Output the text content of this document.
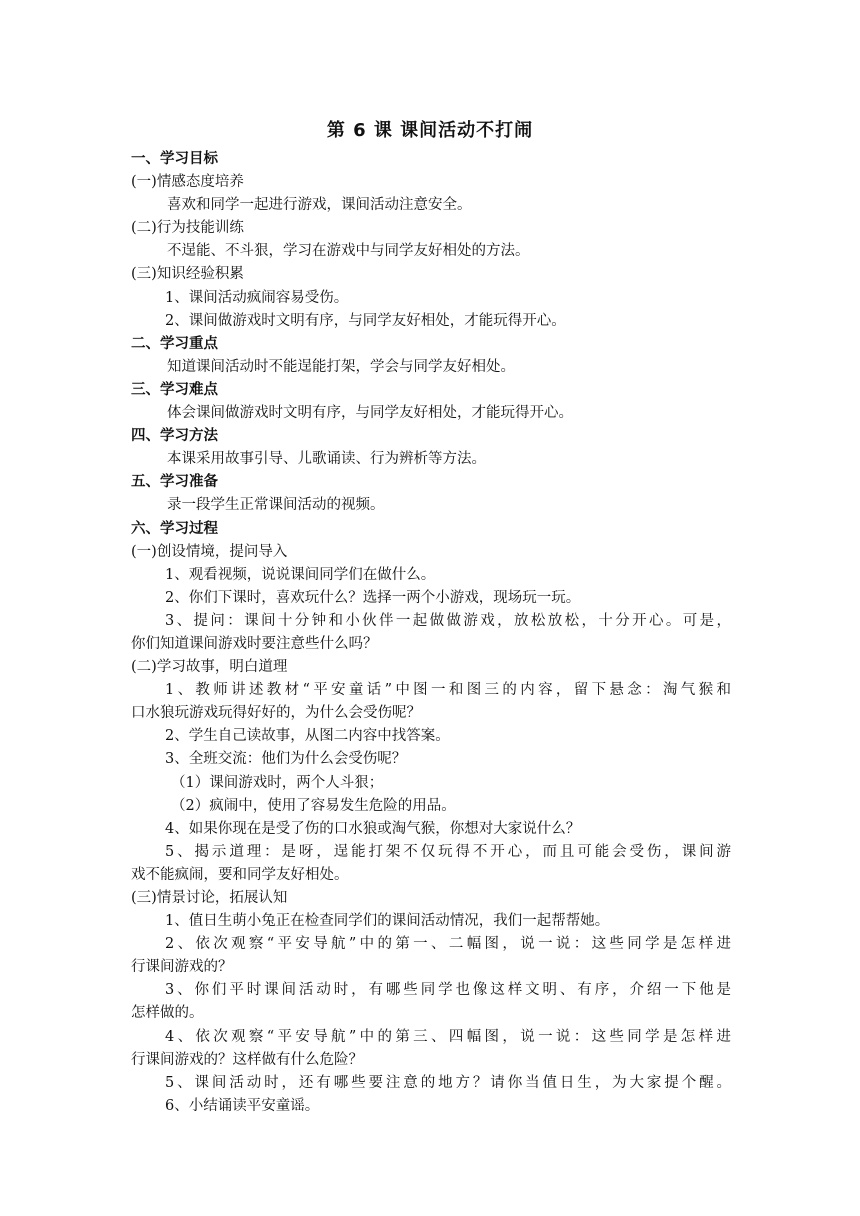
第 6 课 课间活动不打闹
一、学习目标
(一)情感态度培养
喜欢和同学一起进行游戏，课间活动注意安全。
(二)行为技能训练
不逞能、不斗狠，学习在游戏中与同学友好相处的方法。
(三)知识经验积累
1、课间活动疯闹容易受伤。
2、课间做游戏时文明有序，与同学友好相处，才能玩得开心。
二、学习重点
知道课间活动时不能逞能打架，学会与同学友好相处。
三、学习难点
体会课间做游戏时文明有序，与同学友好相处，才能玩得开心。
四、学习方法
本课采用故事引导、儿歌诵读、行为辨析等方法。
五、学习准备
录一段学生正常课间活动的视频。
六、学习过程
(一)创设情境，提问导入
1、观看视频，说说课间同学们在做什么。
2、你们下课时，喜欢玩什么？选择一两个小游戏，现场玩一玩。
3、提问：课间十分钟和小伙伴一起做做游戏，放松放松，十分开心。可是，
你们知道课间游戏时要注意些什么吗？
(二)学习故事，明白道理
1、教师讲述教材“平安童话”中图一和图三的内容，留下悬念：淘气猴和
口水狼玩游戏玩得好好的，为什么会受伤呢？
2、学生自己读故事，从图二内容中找答案。
3、全班交流：他们为什么会受伤呢？
（1）课间游戏时，两个人斗狠；
（2）疯闹中，使用了容易发生危险的用品。
4、如果你现在是受了伤的口水狼或淘气猴，你想对大家说什么？
5、揭示道理：是呀，逞能打架不仅玩得不开心，而且可能会受伤，课间游
戏不能疯闹，要和同学友好相处。
(三)情景讨论，拓展认知
1、值日生萌小兔正在检查同学们的课间活动情况，我们一起帮帮她。
2、依次观察“平安导航”中的第一、二幅图，说一说：这些同学是怎样进
行课间游戏的？
3、你们平时课间活动时，有哪些同学也像这样文明、有序，介绍一下他是
怎样做的。
4、依次观察“平安导航”中的第三、四幅图，说一说：这些同学是怎样进
行课间游戏的？这样做有什么危险？
5、课间活动时，还有哪些要注意的地方？请你当值日生，为大家提个醒。
6、小结诵读平安童谣。
